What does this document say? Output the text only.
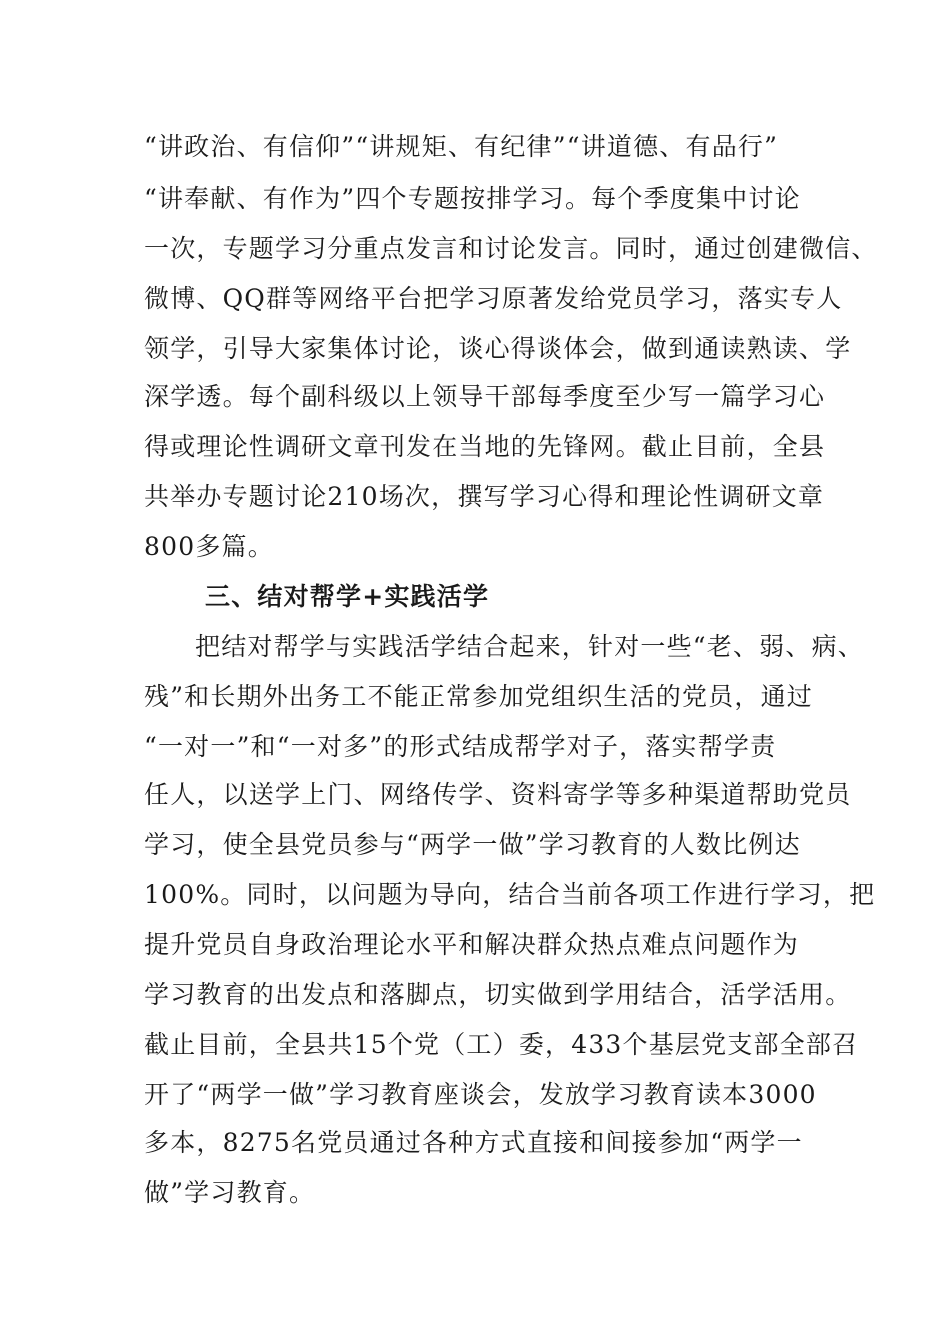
“讲政治、有信仰”“讲规矩、有纪律”“讲道德、有品行”
“讲奉献、有作为”四个专题按排学习。每个季度集中讨论
一次，专题学习分重点发言和讨论发言。同时，通过创建微信、
微博、QQ群等网络平台把学习原著发给党员学习，落实专人
领学，引导大家集体讨论，谈心得谈体会，做到通读熟读、学
深学透。每个副科级以上领导干部每季度至少写一篇学习心
得或理论性调研文章刊发在当地的先锋网。截止目前，全县
共举办专题讨论210场次，撰写学习心得和理论性调研文章
800多篇。
三、结对帮学+实践活学
把结对帮学与实践活学结合起来，针对一些“老、弱、病、
残”和长期外出务工不能正常参加党组织生活的党员，通过
“一对一”和“一对多”的形式结成帮学对子，落实帮学责
任人，以送学上门、网络传学、资料寄学等多种渠道帮助党员
学习，使全县党员参与“两学一做”学习教育的人数比例达
100%。同时，以问题为导向，结合当前各项工作进行学习，把
提升党员自身政治理论水平和解决群众热点难点问题作为
学习教育的出发点和落脚点，切实做到学用结合，活学活用。
截止目前，全县共15个党（工）委，433个基层党支部全部召
开了“两学一做”学习教育座谈会，发放学习教育读本3000
多本，8275名党员通过各种方式直接和间接参加“两学一
做”学习教育。
